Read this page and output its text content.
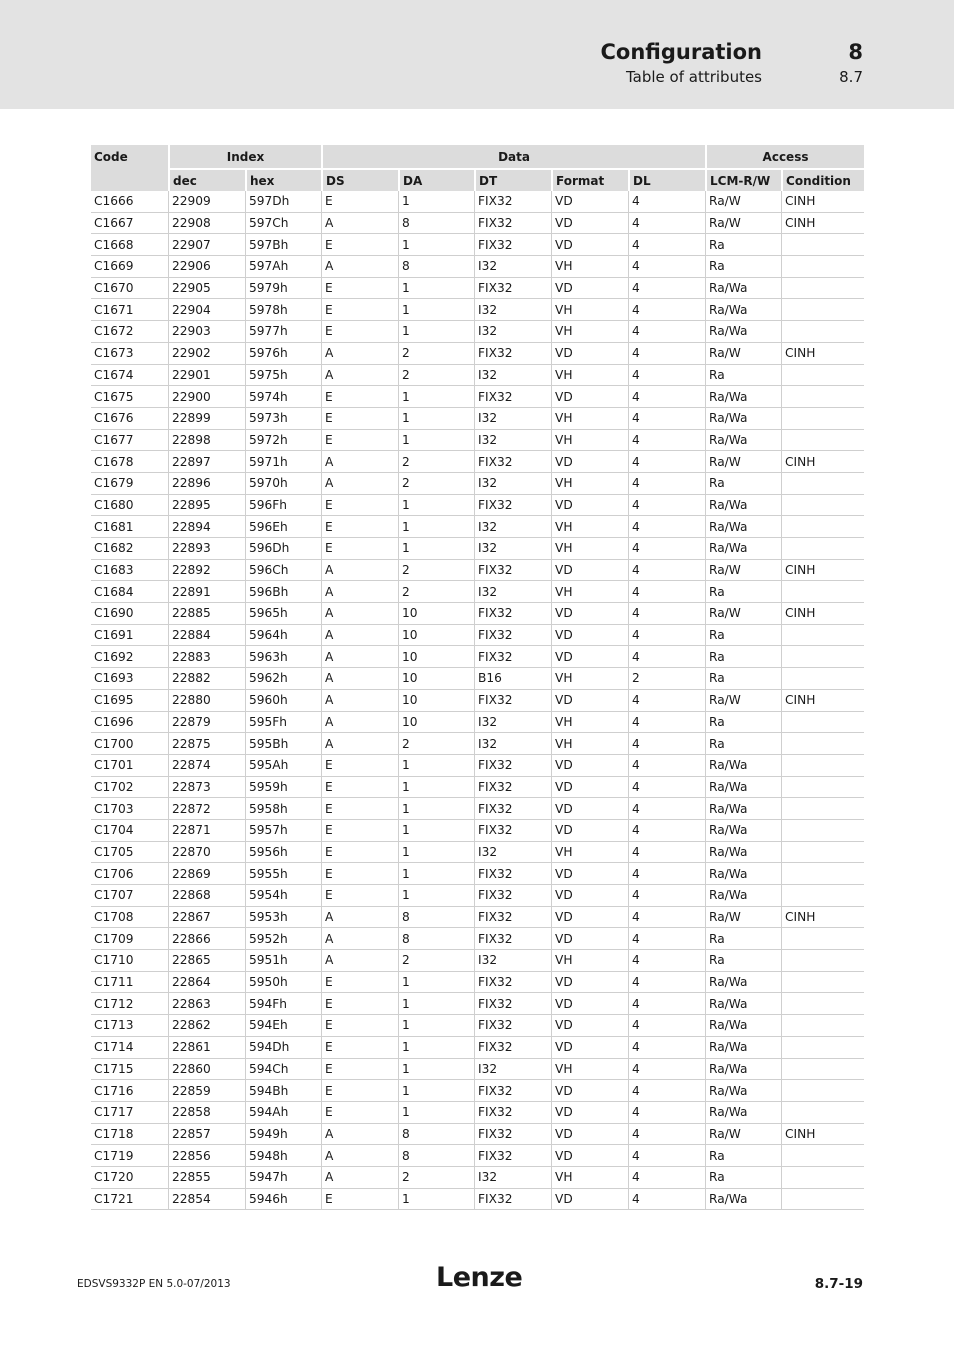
Configuration	8
Table of attributes	8.7
Code	Index		Data					Access	
	dec	hex	DS	DA	DT	Format	DL	LCM-R/W	Condition
C1666	22909	597Dh	E	1	FIX32	VD	4	Ra/W	CINH
C1667	22908	597Ch	A	8	FIX32	VD	4	Ra/W	CINH
C1668	22907	597Bh	E	1	FIX32	VD	4	Ra	
C1669	22906	597Ah	A	8	I32	VH	4	Ra	
C1670	22905	5979h	E	1	FIX32	VD	4	Ra/Wa	
C1671	22904	5978h	E	1	I32	VH	4	Ra/Wa	
C1672	22903	5977h	E	1	I32	VH	4	Ra/Wa	
C1673	22902	5976h	A	2	FIX32	VD	4	Ra/W	CINH
C1674	22901	5975h	A	2	I32	VH	4	Ra	
C1675	22900	5974h	E	1	FIX32	VD	4	Ra/Wa	
C1676	22899	5973h	E	1	I32	VH	4	Ra/Wa	
C1677	22898	5972h	E	1	I32	VH	4	Ra/Wa	
C1678	22897	5971h	A	2	FIX32	VD	4	Ra/W	CINH
C1679	22896	5970h	A	2	I32	VH	4	Ra	
C1680	22895	596Fh	E	1	FIX32	VD	4	Ra/Wa	
C1681	22894	596Eh	E	1	I32	VH	4	Ra/Wa	
C1682	22893	596Dh	E	1	I32	VH	4	Ra/Wa	
C1683	22892	596Ch	A	2	FIX32	VD	4	Ra/W	CINH
C1684	22891	596Bh	A	2	I32	VH	4	Ra	
C1690	22885	5965h	A	10	FIX32	VD	4	Ra/W	CINH
C1691	22884	5964h	A	10	FIX32	VD	4	Ra	
C1692	22883	5963h	A	10	FIX32	VD	4	Ra	
C1693	22882	5962h	A	10	B16	VH	2	Ra	
C1695	22880	5960h	A	10	FIX32	VD	4	Ra/W	CINH
C1696	22879	595Fh	A	10	I32	VH	4	Ra	
C1700	22875	595Bh	A	2	I32	VH	4	Ra	
C1701	22874	595Ah	E	1	FIX32	VD	4	Ra/Wa	
C1702	22873	5959h	E	1	FIX32	VD	4	Ra/Wa	
C1703	22872	5958h	E	1	FIX32	VD	4	Ra/Wa	
C1704	22871	5957h	E	1	FIX32	VD	4	Ra/Wa	
C1705	22870	5956h	E	1	I32	VH	4	Ra/Wa	
C1706	22869	5955h	E	1	FIX32	VD	4	Ra/Wa	
C1707	22868	5954h	E	1	FIX32	VD	4	Ra/Wa	
C1708	22867	5953h	A	8	FIX32	VD	4	Ra/W	CINH
C1709	22866	5952h	A	8	FIX32	VD	4	Ra	
C1710	22865	5951h	A	2	I32	VH	4	Ra	
C1711	22864	5950h	E	1	FIX32	VD	4	Ra/Wa	
C1712	22863	594Fh	E	1	FIX32	VD	4	Ra/Wa	
C1713	22862	594Eh	E	1	FIX32	VD	4	Ra/Wa	
C1714	22861	594Dh	E	1	FIX32	VD	4	Ra/Wa	
C1715	22860	594Ch	E	1	I32	VH	4	Ra/Wa	
C1716	22859	594Bh	E	1	FIX32	VD	4	Ra/Wa	
C1717	22858	594Ah	E	1	FIX32	VD	4	Ra/Wa	
C1718	22857	5949h	A	8	FIX32	VD	4	Ra/W	CINH
C1719	22856	5948h	A	8	FIX32	VD	4	Ra	
C1720	22855	5947h	A	2	I32	VH	4	Ra	
C1721	22854	5946h	E	1	FIX32	VD	4	Ra/Wa	
EDSVS9332P EN 5.0-07/2013	Lenze	8.7-19
